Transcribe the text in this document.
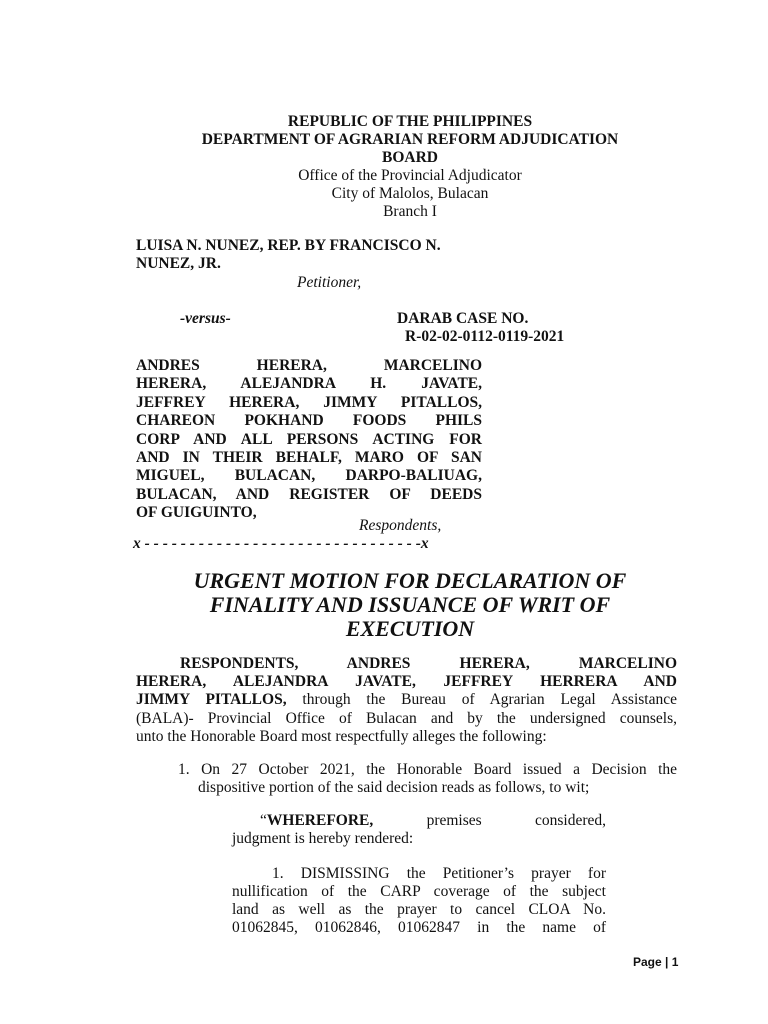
REPUBLIC OF THE PHILIPPINES
DEPARTMENT OF AGRARIAN REFORM ADJUDICATION
BOARD
Office of the Provincial Adjudicator
City of Malolos, Bulacan
Branch I
LUISA N. NUNEZ, REP. BY FRANCISCO N.
NUNEZ, JR.
Petitioner,
-versus-	DARAB CASE NO.
R-02-02-0112-0119-2021
ANDRES HERERA, MARCELINO
HERERA, ALEJANDRA H. JAVATE,
JEFFREY HERERA, JIMMY PITALLOS,
CHAREON POKHAND FOODS PHILS
CORP AND ALL PERSONS ACTING FOR
AND IN THEIR BEHALF, MARO OF SAN
MIGUEL, BULACAN, DARPO-BALIUAG,
BULACAN, AND REGISTER OF DEEDS
OF GUIGUINTO,
Respondents,
x - - - - - - - - - - - - - - - - - - - - - - - - - - - - - - -x
URGENT MOTION FOR DECLARATION OF
FINALITY AND ISSUANCE OF WRIT OF
EXECUTION
RESPONDENTS, ANDRES HERERA, MARCELINO
HERERA, ALEJANDRA JAVATE, JEFFREY HERRERA AND
JIMMY PITALLOS, through the Bureau of Agrarian Legal Assistance
(BALA)- Provincial Office of Bulacan and by the undersigned counsels,
unto the Honorable Board most respectfully alleges the following:
1. On 27 October 2021, the Honorable Board issued a Decision the
dispositive portion of the said decision reads as follows, to wit;
“WHEREFORE, premises considered,
judgment is hereby rendered:
1. DISMISSING the Petitioner’s prayer for
nullification of the CARP coverage of the subject
land as well as the prayer to cancel CLOA No.
01062845, 01062846, 01062847 in the name of
Page | 1
